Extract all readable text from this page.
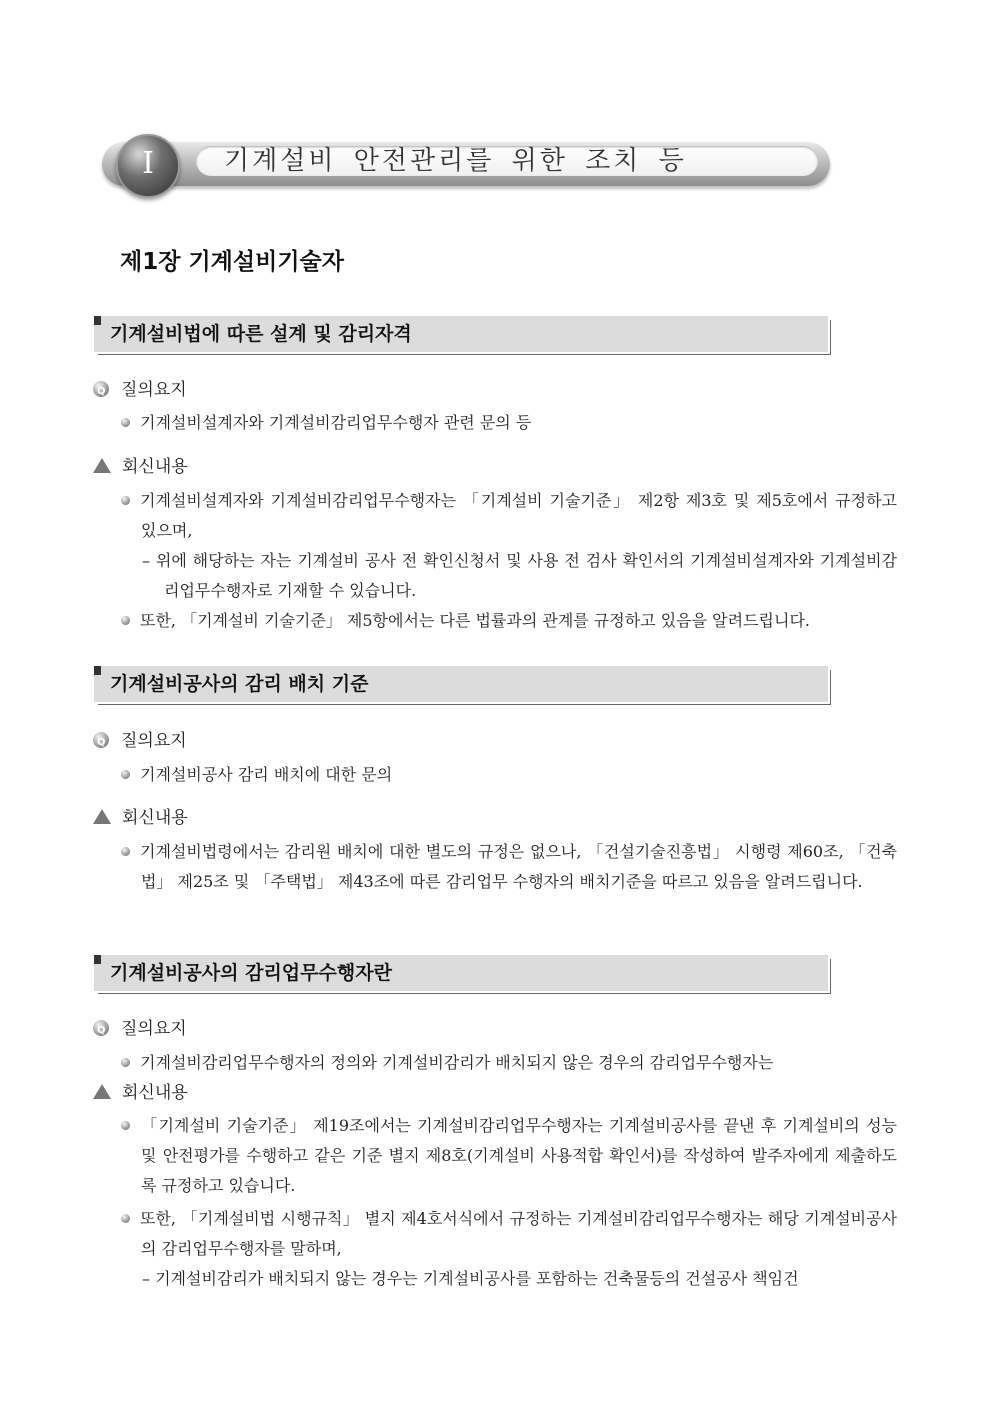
I	기계설비 안전관리를 위한 조치 등
제1장 기계설비기술자
기계설비법에 따른 설계 및 감리자격
Q질의요지

기계설비설계자와 기계설비감리업무수행자 관련 문의 등

회신내용

기계설비설계자와 기계설비감리업무수행자는 「기계설비 기술기준」 제2항 제3호 및 제5호에서 규정하고 있으며,

– 위에 해당하는 자는 기계설비 공사 전 확인신청서 및 사용 전 검사 확인서의 기계설비설계자와 기계설비감리업무수행자로 기재할 수 있습니다.

또한, 「기계설비 기술기준」 제5항에서는 다른 법률과의 관계를 규정하고 있음을 알려드립니다.

기계설비공사의 감리 배치 기준
Q질의요지

기계설비공사 감리 배치에 대한 문의

회신내용

기계설비법령에서는 감리원 배치에 대한 별도의 규정은 없으나, 「건설기술진흥법」 시행령 제60조, 「건축법」 제25조 및 「주택법」 제43조에 따른 감리업무 수행자의 배치기준을 따르고 있음을 알려드립니다.

기계설비공사의 감리업무수행자란
Q질의요지

기계설비감리업무수행자의 정의와 기계설비감리가 배치되지 않은 경우의 감리업무수행자는

회신내용

「기계설비 기술기준」 제19조에서는 기계설비감리업무수행자는 기계설비공사를 끝낸 후 기계설비의 성능 및 안전평가를 수행하고 같은 기준 별지 제8호(기계설비 사용적합 확인서)를 작성하여 발주자에게 제출하도록 규정하고 있습니다.

또한, 「기계설비법 시행규칙」 별지 제4호서식에서 규정하는 기계설비감리업무수행자는 해당 기계설비공사의 감리업무수행자를 말하며,

– 기계설비감리가 배치되지 않는 경우는 기계설비공사를 포함하는 건축물등의 건설공사 책임건
